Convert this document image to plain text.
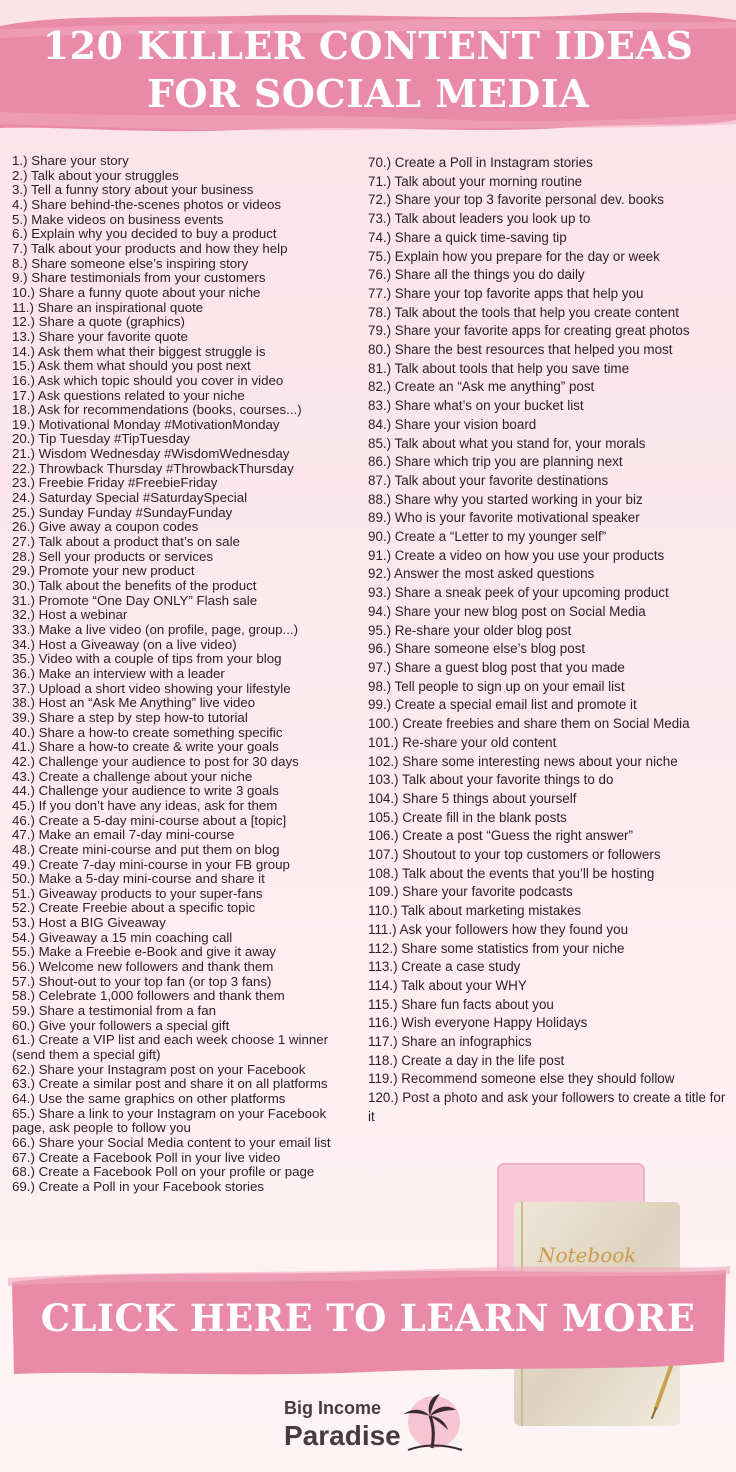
120 KILLER CONTENT IDEAS
FOR SOCIAL MEDIA
1.) Share your story
2.) Talk about your struggles
3.) Tell a funny story about your business
4.) Share behind-the-scenes photos or videos
5.) Make videos on business events
6.) Explain why you decided to buy a product
7.) Talk about your products and how they help
8.) Share someone else’s inspiring story
9.) Share testimonials from your customers
10.) Share a funny quote about your niche
11.) Share an inspirational quote
12.) Share a quote (graphics)
13.) Share your favorite quote
14.) Ask them what their biggest struggle is
15.) Ask them what should you post next
16.) Ask which topic should you cover in video
17.) Ask questions related to your niche
18.) Ask for recommendations (books, courses...)
19.) Motivational Monday #MotivationMonday
20.) Tip Tuesday #TipTuesday
21.) Wisdom Wednesday #WisdomWednesday
22.) Throwback Thursday #ThrowbackThursday
23.) Freebie Friday #FreebieFriday
24.) Saturday Special #SaturdaySpecial
25.) Sunday Funday #SundayFunday
26.) Give away a coupon codes
27.) Talk about a product that’s on sale
28.) Sell your products or services
29.) Promote your new product
30.) Talk about the benefits of the product
31.) Promote “One Day ONLY” Flash sale
32.) Host a webinar
33.) Make a live video (on profile, page, group...)
34.) Host a Giveaway (on a live video)
35.) Video with a couple of tips from your blog
36.) Make an interview with a leader
37.) Upload a short video showing your lifestyle
38.) Host an “Ask Me Anything” live video
39.) Share a step by step how-to tutorial
40.) Share a how-to create something specific
41.) Share a how-to create & write your goals
42.) Challenge your audience to post for 30 days
43.) Create a challenge about your niche
44.) Challenge your audience to write 3 goals
45.) If you don’t have any ideas, ask for them
46.) Create a 5-day mini-course about a [topic]
47.) Make an email 7-day mini-course
48.) Create mini-course and put them on blog
49.) Create 7-day mini-course in your FB group
50.) Make a 5-day mini-course and share it
51.) Giveaway products to your super-fans
52.) Create Freebie about a specific topic
53.) Host a BIG Giveaway
54.) Giveaway a 15 min coaching call
55.) Make a Freebie e-Book and give it away
56.) Welcome new followers and thank them
57.) Shout-out to your top fan (or top 3 fans)
58.) Celebrate 1,000 followers and thank them
59.) Share a testimonial from a fan
60.) Give your followers a special gift
61.) Create a VIP list and each week choose 1 winner (send them a special gift)
62.) Share your Instagram post on your Facebook
63.) Create a similar post and share it on all platforms
64.) Use the same graphics on other platforms
65.) Share a link to your Instagram on your Facebook page, ask people to follow you
66.) Share your Social Media content to your email list
67.) Create a Facebook Poll in your live video
68.) Create a Facebook Poll on your profile or page
69.) Create a Poll in your Facebook stories
70.) Create a Poll in Instagram stories
71.) Talk about your morning routine
72.) Share your top 3 favorite personal dev. books
73.) Talk about leaders you look up to
74.) Share a quick time-saving tip
75.) Explain how you prepare for the day or week
76.) Share all the things you do daily
77.) Share your top favorite apps that help you
78.) Talk about the tools that help you create content
79.) Share your favorite apps for creating great photos
80.) Share the best resources that helped you most
81.) Talk about tools that help you save time
82.) Create an “Ask me anything” post
83.) Share what’s on your bucket list
84.) Share your vision board
85.) Talk about what you stand for, your morals
86.) Share which trip you are planning next
87.) Talk about your favorite destinations
88.) Share why you started working in your biz
89.) Who is your favorite motivational speaker
90.) Create a “Letter to my younger self”
91.) Create a video on how you use your products
92.) Answer the most asked questions
93.) Share a sneak peek of your upcoming product
94.) Share your new blog post on Social Media
95.) Re-share your older blog post
96.) Share someone else’s blog post
97.) Share a guest blog post that you made
98.) Tell people to sign up on your email list
99.) Create a special email list and promote it
100.) Create freebies and share them on Social Media
101.) Re-share your old content
102.) Share some interesting news about your niche
103.) Talk about your favorite things to do
104.) Share 5 things about yourself
105.) Create fill in the blank posts
106.) Create a post “Guess the right answer”
107.) Shoutout to your top customers or followers
108.) Talk about the events that you’ll be hosting
109.) Share your favorite podcasts
110.) Talk about marketing mistakes
111.) Ask your followers how they found you
112.) Share some statistics from your niche
113.) Create a case study
114.) Talk about your WHY
115.) Share fun facts about you
116.) Wish everyone Happy Holidays
117.) Share an infographics
118.) Create a day in the life post
119.) Recommend someone else they should follow
120.) Post a photo and ask your followers to create a title for it
Notebook
CLICK HERE TO LEARN MORE
Big Income
Paradise
